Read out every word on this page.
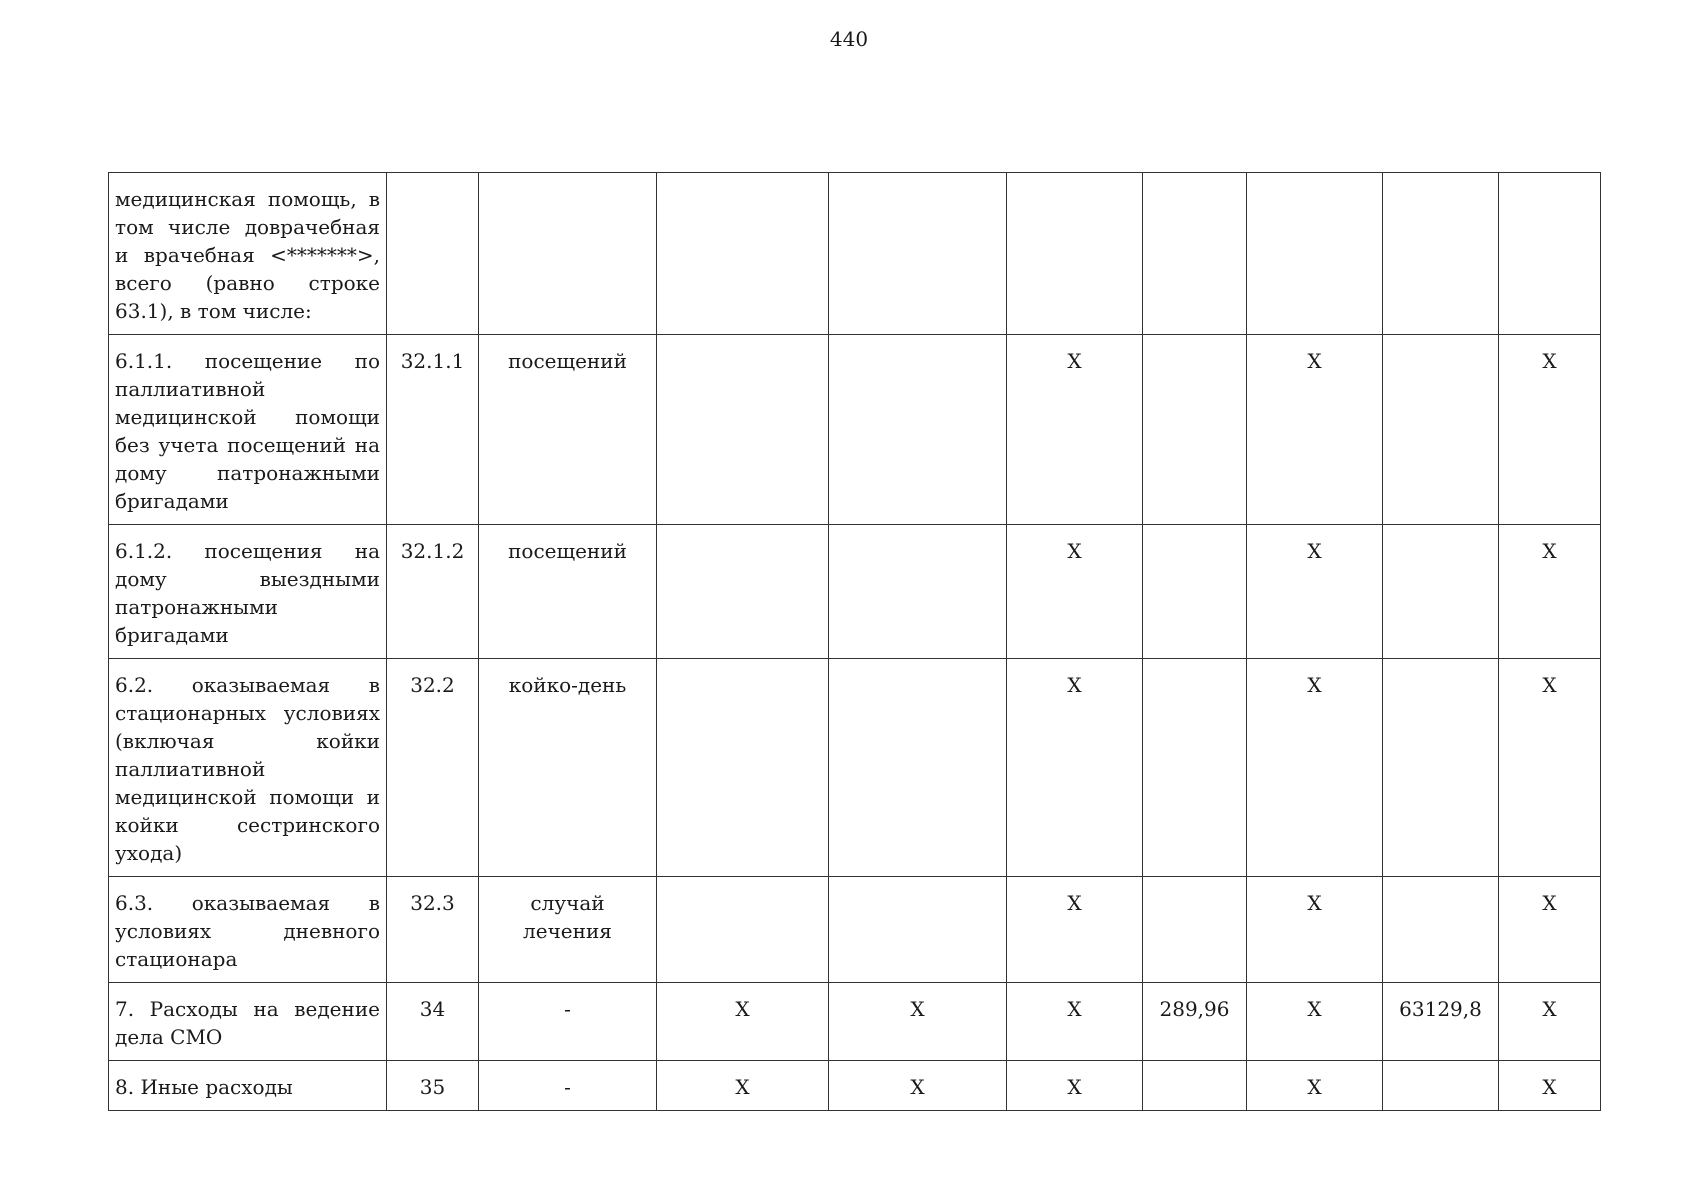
440
медицинская помощь, в том числе доврачебная и врачебная <*******>, всего (равно строке 63.1), в том числе:									
6.1.1. посещение по паллиативной медицинской помощи без учета посещений на дому патронажными бригадами	32.1.1	посещений			X		X		X
6.1.2. посещения на дому выездными патронажными бригадами	32.1.2	посещений			X		X		X
6.2. оказываемая в стационарных условиях (включая койки паллиативной медицинской помощи и койки сестринского ухода)	32.2	койко-день			X		X		X
6.3. оказываемая в условиях дневного стационара	32.3	случай лечения			X		X		X
7. Расходы на ведение дела СМО	34	-	X	X	X	289,96	X	63129,8	X
8. Иные расходы	35	-	X	X	X		X		X
